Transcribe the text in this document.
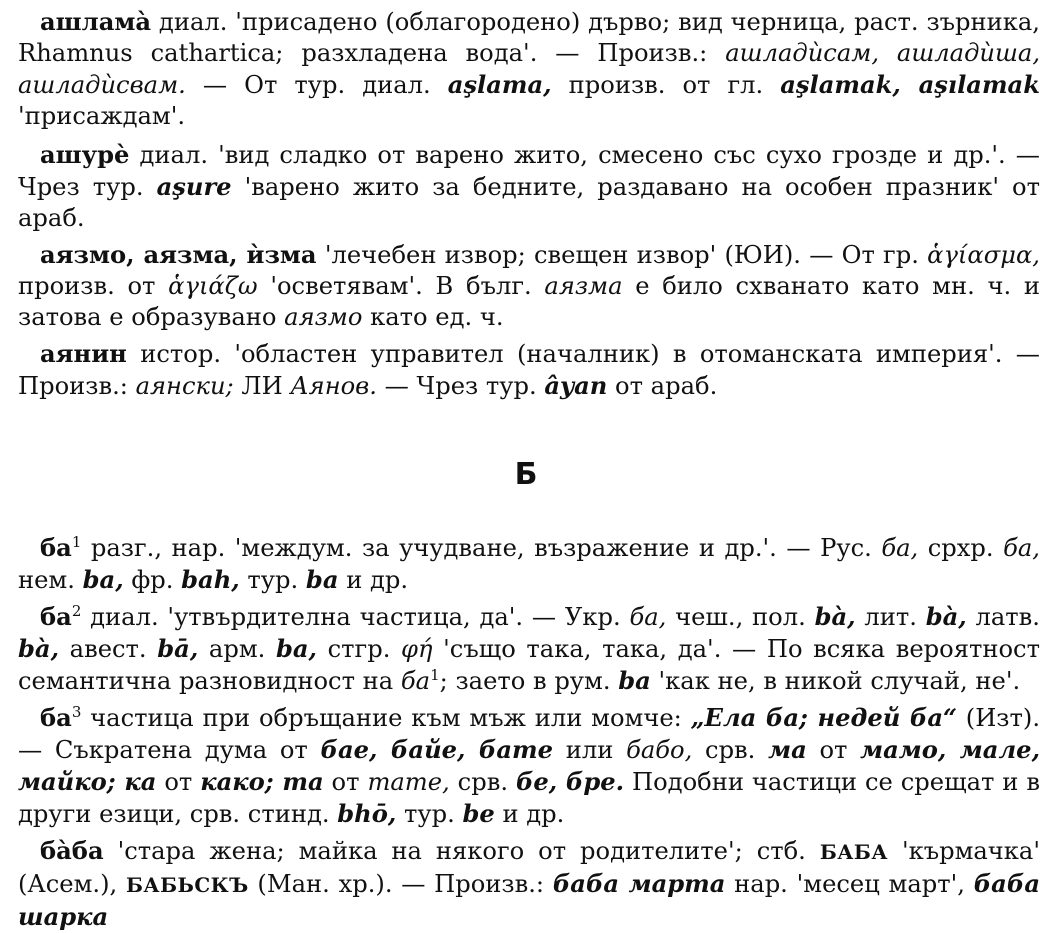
ашламà диал. 'присадено (облагородено) дърво; вид черница, раст. зърника, Rhamnus cathartica; разхладена вода'. — Произв.: ашладѝсам, ашладѝша, ашладѝсвам. — От тур. диал. aşlama, произв. от гл. aşlamak, aşılamak 'присаждам'.

ашурѐ диал. 'вид сладко от варено жито, смесено със сухо грозде и др.'. — Чрез тур. aşure 'варено жито за бедните, раздавано на особен празник' от араб.

аязмо, аязма, ѝзма 'лечебен извор; свещен извор' (ЮИ). — От гр. ἁγίασμα, произв. от ἁγιάζω 'осветявам'. В бълг. аязма е било схванато като мн. ч. и затова е образувано аязмо като ед. ч.

аянин истор. 'областен управител (началник) в отоманската империя'. — Произв.: аянски; ЛИ Аянов. — Чрез тур. âyan от араб.

Б

$ба^1$ разг., нар. 'междум. за учудване, възражение и др.'. — Рус. ба, срхр. ба, нем. ba, фр. bah, тур. ba и др.

$ба^2$ диал. 'утвърдителна частица, да'. — Укр. ба, чеш., пол. bà, лит. bà, латв. bà, авест. bā, арм. ba, стгр. φή 'също така, така, да'. — По всяка вероятност семантична разновидност на $ба^1$; заето в рум. ba 'как не, в никой случай, не'.

$ба^3$ частица при обръщание към мъж или момче: „Ела ба; недей ба“ (Изт). — Съкратена дума от бае, байе, бате или бабо, срв. ма от мамо, мале, майко; ка от како; та от тате, срв. бе, бре. Подобни частици се срещат и в други езици, срв. стинд. bhō, тур. be и др.

бàба 'стара жена; майка на някого от родителите'; стб. БАБА 'кърмачка' (Асем.), БАБЬСКЪ (Ман. хр.). — Произв.: баба марта нар. 'месец март', баба шарка
